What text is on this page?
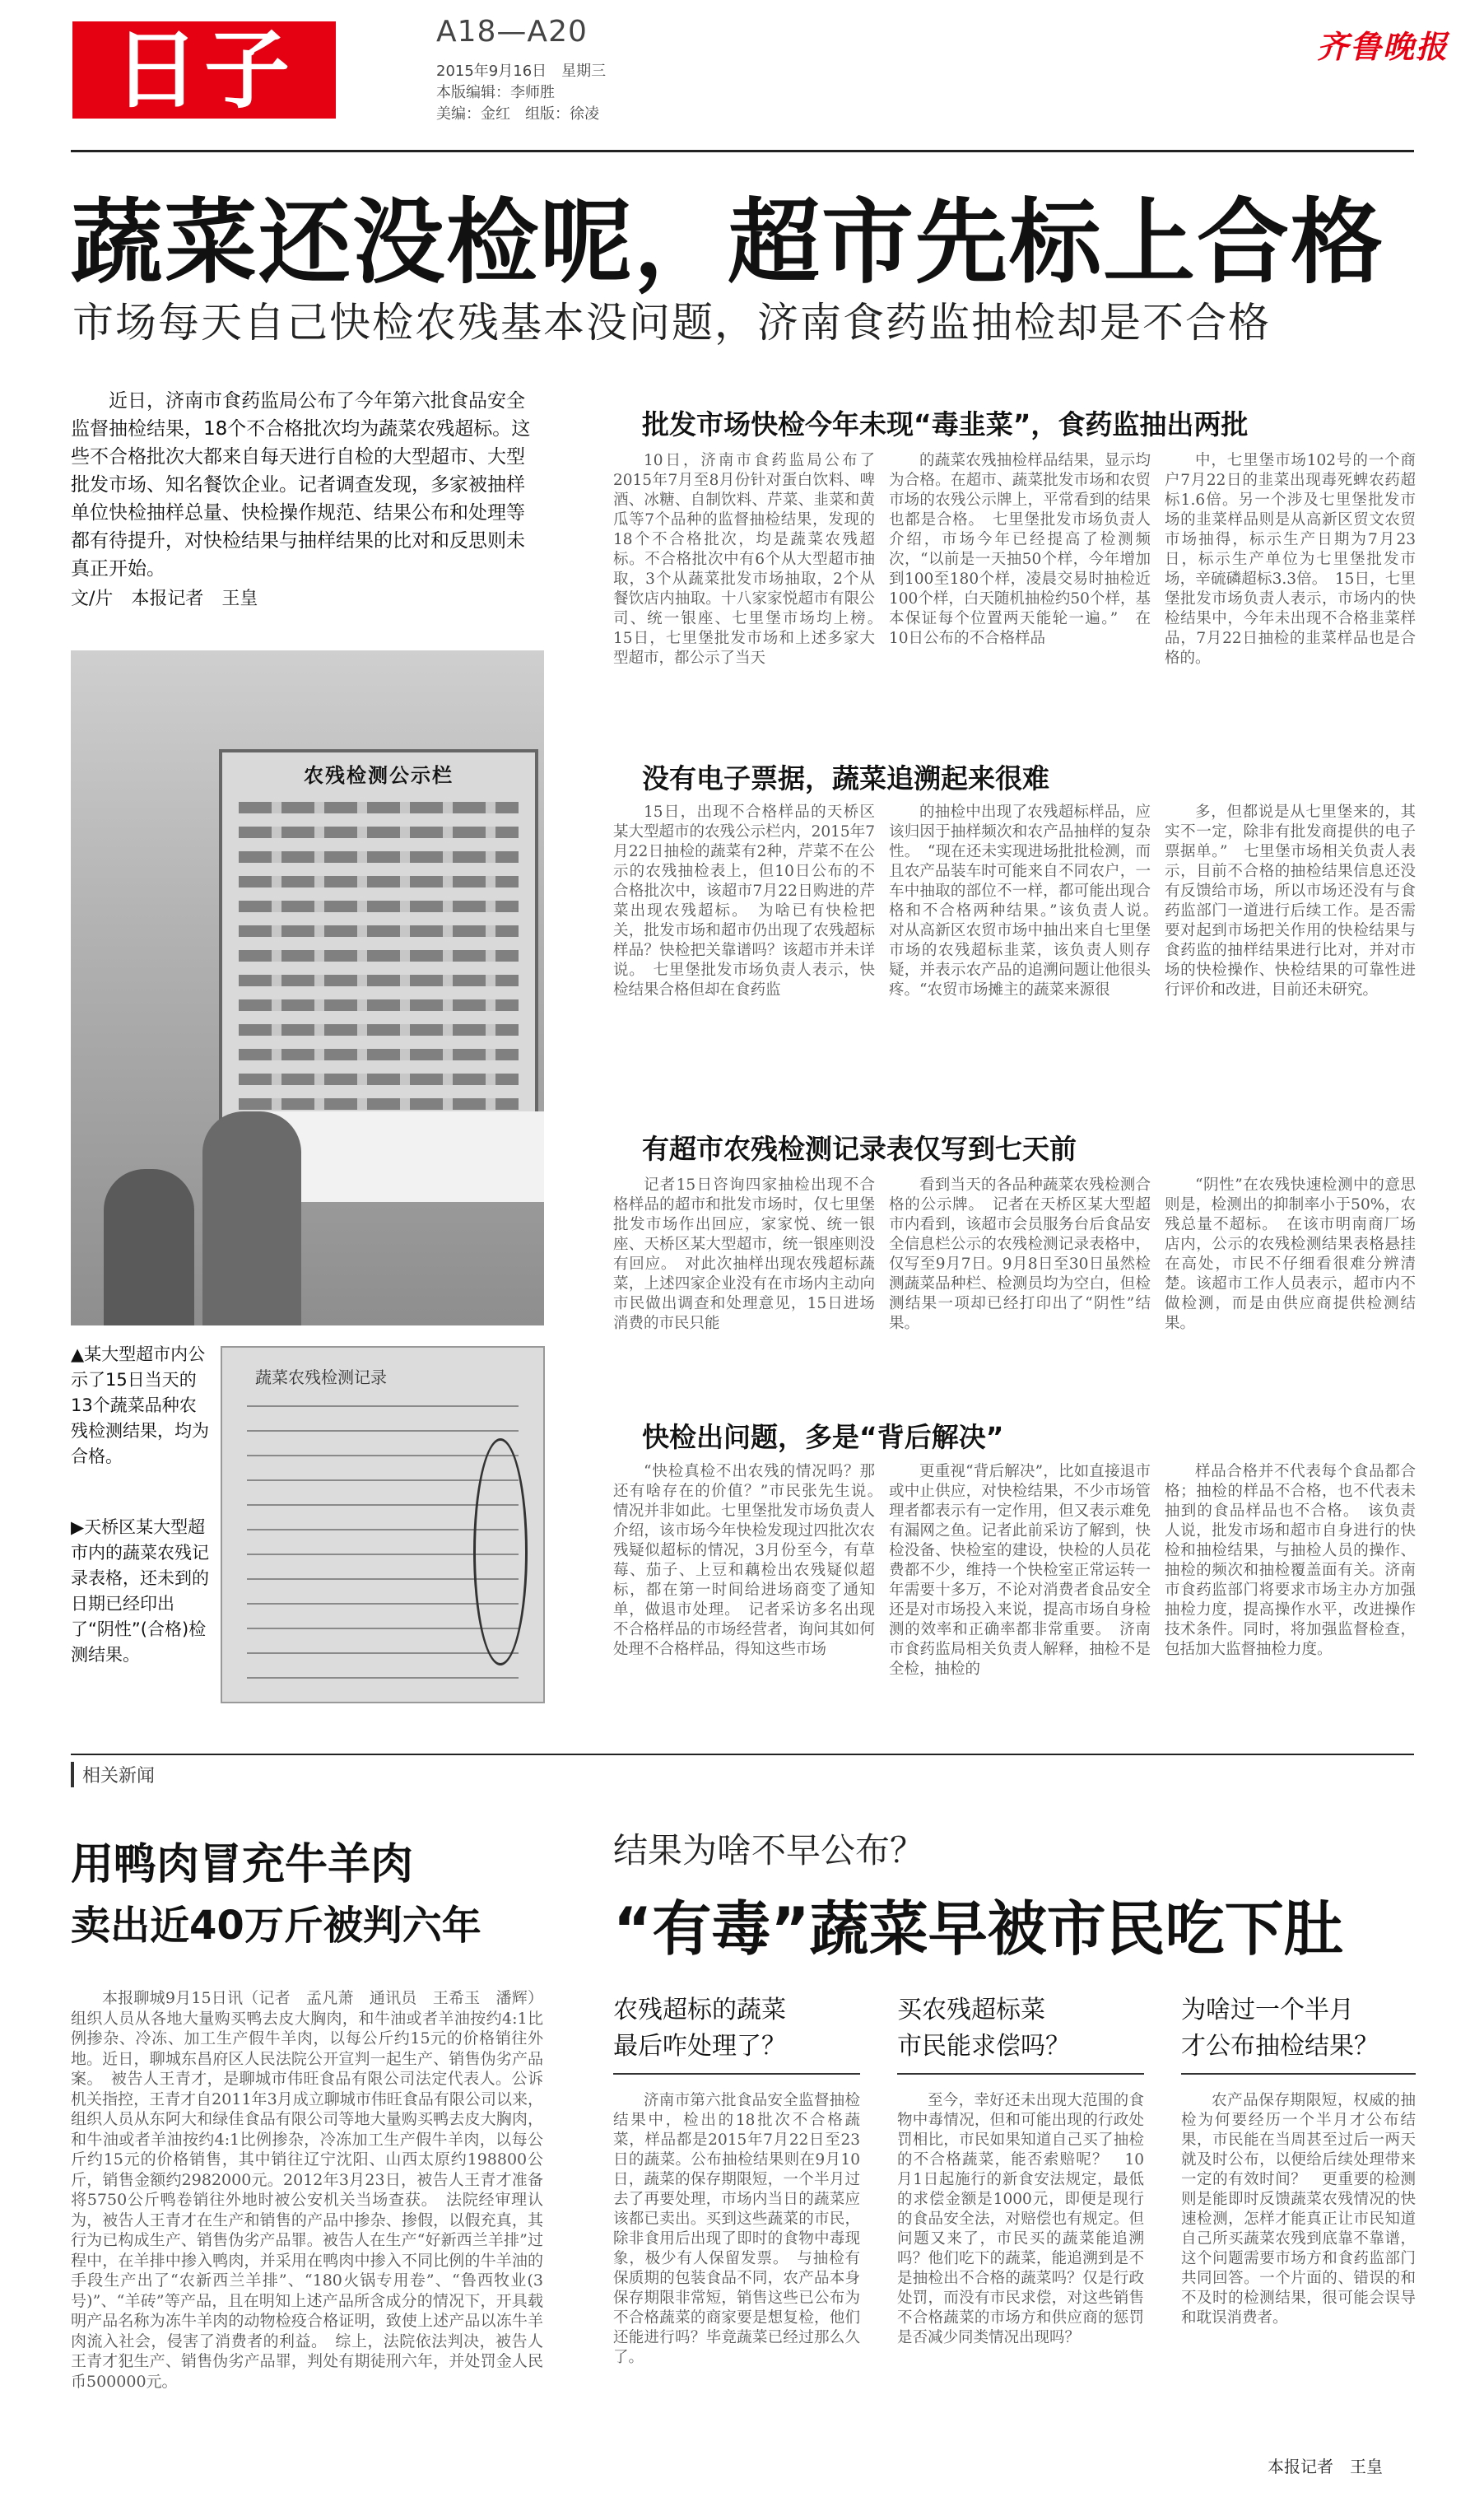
日子	A18—A20
2015年9月16日　星期三
本版编辑：李师胜
美编：金红　组版：徐凌
齐鲁晚报
蔬菜还没检呢，超市先标上合格
市场每天自己快检农残基本没问题，济南食药监抽检却是不合格

近日，济南市食药监局公布了今年第六批食品安全监督抽检结果，18个不合格批次均为蔬菜农残超标。这些不合格批次大都来自每天进行自检的大型超市、大型批发市场、知名餐饮企业。记者调查发现，多家被抽样单位快检抽样总量、快检操作规范、结果公布和处理等都有待提升，对快检结果与抽样结果的比对和反思则未真正开始。

文/片　本报记者　王皇
农残检测公示栏
▲某大型超市内公示了15日当天的13个蔬菜品种农残检测结果，均为合格。
▶天桥区某大型超市内的蔬菜农残记录表格，还未到的日期已经印出了“阴性”(合格)检测结果。
蔬菜农残检测记录
批发市场快检今年未现“毒韭菜”，食药监抽出两批

10日，济南市食药监局公布了2015年7月至8月份针对蛋白饮料、啤酒、冰糖、自制饮料、芹菜、韭菜和黄瓜等7个品种的监督抽检结果，发现的18个不合格批次，均是蔬菜农残超标。不合格批次中有6个从大型超市抽取，3个从蔬菜批发市场抽取，2个从餐饮店内抽取。十八家家悦超市有限公司、统一银座、七里堡市场均上榜。　15日，七里堡批发市场和上述多家大型超市，都公示了当天

的蔬菜农残抽检样品结果，显示均为合格。在超市、蔬菜批发市场和农贸市场的农残公示牌上，平常看到的结果也都是合格。　七里堡批发市场负责人介绍，市场今年已经提高了检测频次，“以前是一天抽50个样，今年增加到100至180个样，凌晨交易时抽检近100个样，白天随机抽检约50个样，基本保证每个位置两天能轮一遍。”　在10日公布的不合格样品

中，七里堡市场102号的一个商户7月22日的韭菜出现毒死蜱农药超标1.6倍。另一个涉及七里堡批发市场的韭菜样品则是从高新区贸文农贸市场抽得，标示生产日期为7月23日，标示生产单位为七里堡批发市场，辛硫磷超标3.3倍。　15日，七里堡批发市场负责人表示，市场内的快检结果中，今年未出现不合格韭菜样品，7月22日抽检的韭菜样品也是合格的。

没有电子票据，蔬菜追溯起来很难

15日，出现不合格样品的天桥区某大型超市的农残公示栏内，2015年7月22日抽检的蔬菜有2种，芹菜不在公示的农残抽检表上，但10日公布的不合格批次中，该超市7月22日购进的芹菜出现农残超标。　为啥已有快检把关，批发市场和超市仍出现了农残超标样品？快检把关靠谱吗？该超市并未详说。　七里堡批发市场负责人表示，快检结果合格但却在食药监

的抽检中出现了农残超标样品，应该归因于抽样频次和农产品抽样的复杂性。　“现在还未实现进场批批检测，而且农产品装车时可能来自不同农户，一车中抽取的部位不一样，都可能出现合格和不合格两种结果。”该负责人说。　对从高新区农贸市场中抽出来自七里堡市场的农残超标韭菜，该负责人则存疑，并表示农产品的追溯问题让他很头疼。“农贸市场摊主的蔬菜来源很

多，但都说是从七里堡来的，其实不一定，除非有批发商提供的电子票据单。”　七里堡市场相关负责人表示，目前不合格的抽检结果信息还没有反馈给市场，所以市场还没有与食药监部门一道进行后续工作。是否需要对起到市场把关作用的快检结果与食药监的抽样结果进行比对，并对市场的快检操作、快检结果的可靠性进行评价和改进，目前还未研究。

有超市农残检测记录表仅写到七天前

记者15日咨询四家抽检出现不合格样品的超市和批发市场时，仅七里堡批发市场作出回应，家家悦、统一银座、天桥区某大型超市，统一银座则没有回应。　对此次抽样出现农残超标蔬菜，上述四家企业没有在市场内主动向市民做出调查和处理意见，15日进场消费的市民只能

看到当天的各品种蔬菜农残检测合格的公示牌。　记者在天桥区某大型超市内看到，该超市会员服务台后食品安全信息栏公示的农残检测记录表格中，仅写至9月7日。9月8日至30日虽然检测蔬菜品种栏、检测员均为空白，但检测结果一项却已经打印出了“阴性”结果。

“阴性”在农残快速检测中的意思则是，检测出的抑制率小于50%，农残总量不超标。　在该市明南商厂场店内，公示的农残检测结果表格悬挂在高处，市民不仔细看很难分辨清楚。该超市工作人员表示，超市内不做检测，而是由供应商提供检测结果。

快检出问题，多是“背后解决”

“快检真检不出农残的情况吗？那还有啥存在的价值？”市民张先生说。　情况并非如此。七里堡批发市场负责人介绍，该市场今年快检发现过四批次农残疑似超标的情况，3月份至今，有草莓、茄子、上豆和藕检出农残疑似超标，都在第一时间给进场商变了通知单，做退市处理。　记者采访多名出现不合格样品的市场经营者，询问其如何处理不合格样品，得知这些市场

更重视“背后解决”，比如直接退市或中止供应，对快检结果，不少市场管理者都表示有一定作用，但又表示难免有漏网之鱼。记者此前采访了解到，快检没备、快检室的建设，快检的人员花费都不少，维持一个快检室正常运转一年需要十多万，不论对消费者食品安全还是对市场投入来说，提高市场自身检测的效率和正确率都非常重要。　济南市食药监局相关负责人解释，抽检不是全检，抽检的

样品合格并不代表每个食品都合格；抽检的样品不合格，也不代表未抽到的食品样品也不合格。　该负责人说，批发市场和超市自身进行的快检和抽检结果，与抽检人员的操作、抽检的频次和抽检覆盖面有关。济南市食药监部门将要求市场主办方加强抽检力度，提高操作水平，改进操作技术条件。同时，将加强监督检查，包括加大监督抽检力度。

相关新闻
用鸭肉冒充牛羊肉
卖出近40万斤被判六年

本报聊城9月15日讯（记者　孟凡萧　通讯员　王希玉　潘辉）组织人员从各地大量购买鸭去皮大胸肉，和牛油或者羊油按约4:1比例掺杂、冷冻、加工生产假牛羊肉，以每公斤约15元的价格销往外地。近日，聊城东昌府区人民法院公开宣判一起生产、销售伪劣产品案。　被告人王青才，是聊城市伟旺食品有限公司法定代表人。公诉机关指控，王青才自2011年3月成立聊城市伟旺食品有限公司以来，组织人员从东阿大和绿佳食品有限公司等地大量购买鸭去皮大胸肉，和牛油或者羊油按约4:1比例掺杂，冷冻加工生产假牛羊肉，以每公斤约15元的价格销售，其中销往辽宁沈阳、山西太原约198800公斤，销售金额约2982000元。2012年3月23日，被告人王青才准备将5750公斤鸭卷销往外地时被公安机关当场查获。　法院经审理认为，被告人王青才在生产和销售的产品中掺杂、掺假，以假充真，其行为已构成生产、销售伪劣产品罪。被告人在生产“好新西兰羊排”过程中，在羊排中掺入鸭肉，并采用在鸭肉中掺入不同比例的牛羊油的手段生产出了“农新西兰羊排”、“180火锅专用卷”、“鲁西牧业(3号)”、“羊砖”等产品，且在明知上述产品所含成分的情况下，开具载明产品名称为冻牛羊肉的动物检疫合格证明，致使上述产品以冻牛羊肉流入社会，侵害了消费者的利益。　综上，法院依法判决，被告人王青才犯生产、销售伪劣产品罪，判处有期徒刑六年，并处罚金人民币500000元。

结果为啥不早公布？
“有毒”蔬菜早被市民吃下肚
农残超标的蔬菜
最后咋处理了？

济南市第六批食品安全监督抽检结果中，检出的18批次不合格蔬菜，样品都是2015年7月22日至23日的蔬菜。公布抽检结果则在9月10日，蔬菜的保存期限短，一个半月过去了再要处理，市场内当日的蔬菜应该都已卖出。买到这些蔬菜的市民，除非食用后出现了即时的食物中毒现象，极少有人保留发票。　与抽检有保质期的包装食品不同，农产品本身保存期限非常短，销售这些已公布为不合格蔬菜的商家要是想复检，他们还能进行吗？毕竟蔬菜已经过那么久了。

买农残超标菜
市民能求偿吗？

至今，幸好还未出现大范围的食物中毒情况，但和可能出现的行政处罚相比，市民如果知道自己买了抽检的不合格蔬菜，能否索赔呢？　10月1日起施行的新食安法规定，最低的求偿金额是1000元，即便是现行的食品安全法，对赔偿也有规定。但问题又来了，市民买的蔬菜能追溯吗？他们吃下的蔬菜，能追溯到是不是抽检出不合格的蔬菜吗？仅是行政处罚，而没有市民求偿，对这些销售不合格蔬菜的市场方和供应商的惩罚是否减少同类情况出现吗？

为啥过一个半月
才公布抽检结果？

农产品保存期限短，权威的抽检为何要经历一个半月才公布结果，市民能在当周甚至过后一两天就及时公布，以便给后续处理带来一定的有效时间？　更重要的检测则是能即时反馈蔬菜农残情况的快速检测，怎样才能真正让市民知道自己所买蔬菜农残到底靠不靠谱，这个问题需要市场方和食药监部门共同回答。一个片面的、错误的和不及时的检测结果，很可能会误导和耽误消费者。

本报记者　王皇
